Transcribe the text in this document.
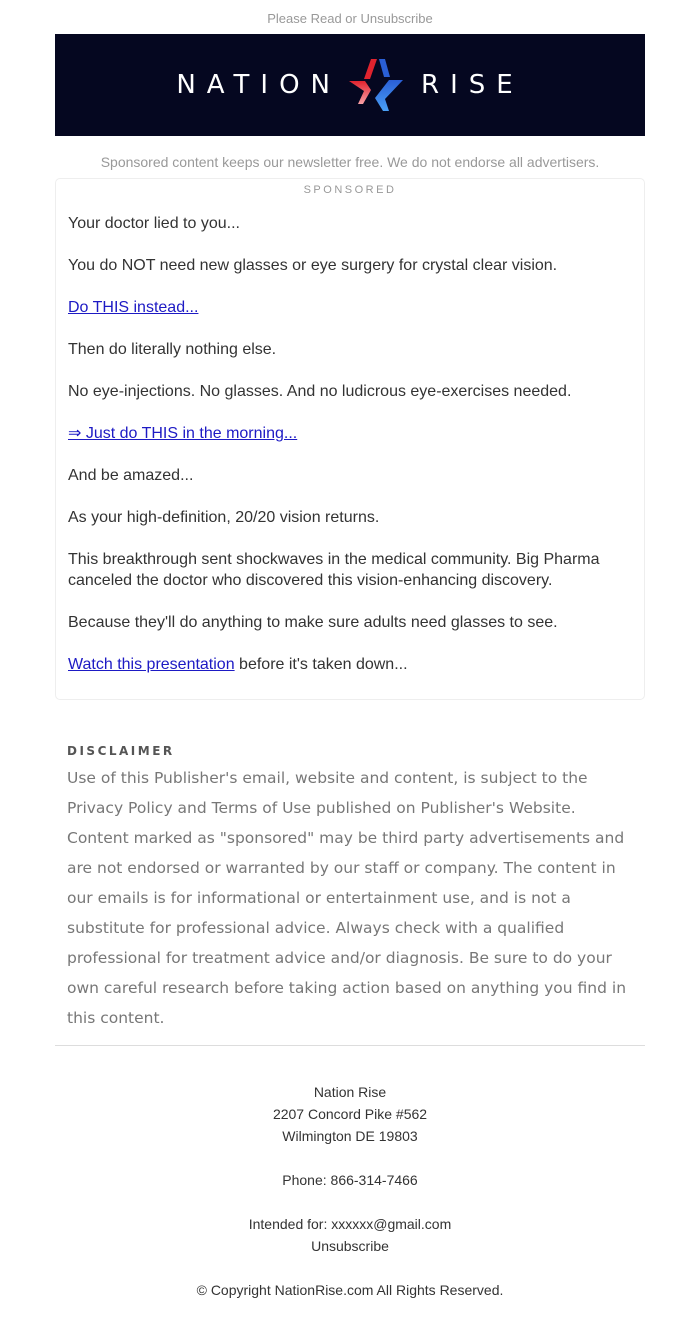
Please Read or Unsubscribe
NATION	RISE
Sponsored content keeps our newsletter free. We do not endorse all advertisers.
SPONSORED

Your doctor lied to you...

You do NOT need new glasses or eye surgery for crystal clear vision.

Do THIS instead...

Then do literally nothing else.

No eye-injections. No glasses. And no ludicrous eye-exercises needed.

⇒ Just do THIS in the morning...

And be amazed...

As your high-definition, 20/20 vision returns.

This breakthrough sent shockwaves in the medical community. Big Pharma canceled the doctor who discovered this vision-enhancing discovery.

Because they'll do anything to make sure adults need glasses to see.

Watch this presentation before it's taken down...

DISCLAIMER

Use of this Publisher's email, website and content, is subject to the Privacy Policy and Terms of Use published on Publisher's Website. Content marked as "sponsored" may be third party advertisements and are not endorsed or warranted by our staff or company. The content in our emails is for informational or entertainment use, and is not a substitute for professional advice. Always check with a qualified professional for treatment advice and/or diagnosis. Be sure to do your own careful research before taking action based on anything you find in this content.

Nation Rise
2207 Concord Pike #562
Wilmington DE 19803
Phone: 866-314-7466
Intended for: xxxxxx@gmail.com
Unsubscribe
© Copyright NationRise.com All Rights Reserved.
